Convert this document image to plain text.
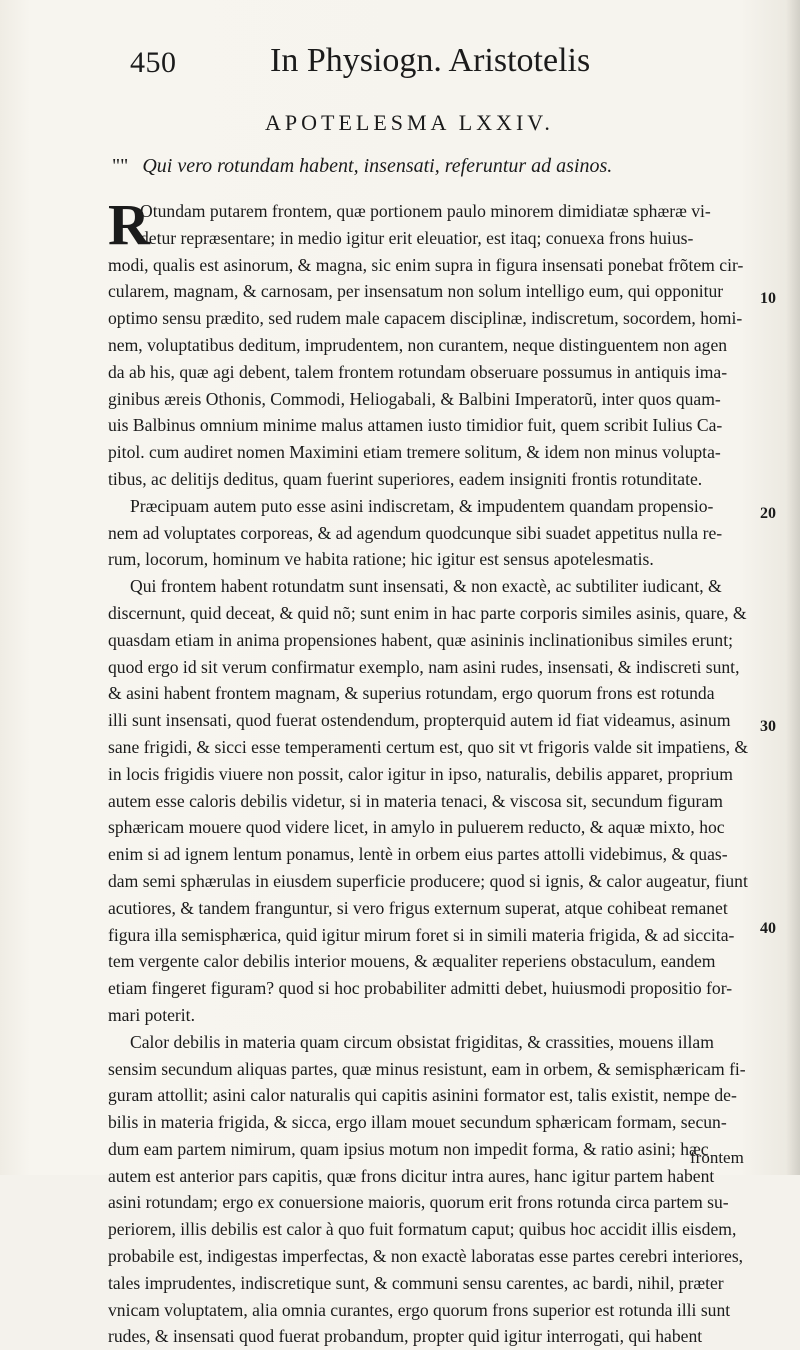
450	In Physiogn. Aristotelis
APOTELESMA LXXIV.
"" Qui vero rotundam habent, insensati, referuntur ad asinos.
R
Otundam putarem frontem, quæ portionem paulo minorem dimidiatæ sphæræ vi-
detur repræsentare; in medio igitur erit eleuatior, est itaq; conuexa frons huius-
modi, qualis est asinorum, & magna, sic enim supra in figura insensati ponebat frõtem cir-
cularem, magnam, & carnosam, per insensatum non solum intelligo eum, qui opponitur
optimo sensu prædito, sed rudem male capacem disciplinæ, indiscretum, socordem, homi-
nem, voluptatibus deditum, imprudentem, non curantem, neque distinguentem non agen
da ab his, quæ agi debent, talem frontem rotundam obseruare possumus in antiquis ima-
ginibus æreis Othonis, Commodi, Heliogabali, & Balbini Imperatorũ, inter quos quam-
uis Balbinus omnium minime malus attamen iusto timidior fuit, quem scribit Iulius Ca-
pitol. cum audiret nomen Maximini etiam tremere solitum, & idem non minus volupta-
tibus, ac delitijs deditus, quam fuerint superiores, eadem insigniti frontis rotunditate.
Præcipuam autem puto esse asini indiscretam, & impudentem quandam propensio-
nem ad voluptates corporeas, & ad agendum quodcunque sibi suadet appetitus nulla re-
rum, locorum, hominum ve habita ratione; hic igitur est sensus apotelesmatis.
Qui frontem habent rotundatm sunt insensati, & non exactè, ac subtiliter iudicant, &
discernunt, quid deceat, & quid nõ; sunt enim in hac parte corporis similes asinis, quare, &
quasdam etiam in anima propensiones habent, quæ asininis inclinationibus similes erunt;
quod ergo id sit verum confirmatur exemplo, nam asini rudes, insensati, & indiscreti sunt,
& asini habent frontem magnam, & superius rotundam, ergo quorum frons est rotunda
illi sunt insensati, quod fuerat ostendendum, propterquid autem id fiat videamus, asinum
sane frigidi, & sicci esse temperamenti certum est, quo sit vt frigoris valde sit impatiens, &
in locis frigidis viuere non possit, calor igitur in ipso, naturalis, debilis apparet, proprium
autem esse caloris debilis videtur, si in materia tenaci, & viscosa sit, secundum figuram
sphæricam mouere quod videre licet, in amylo in puluerem reducto, & aquæ mixto, hoc
enim si ad ignem lentum ponamus, lentè in orbem eius partes attolli videbimus, & quas-
dam semi sphærulas in eiusdem superficie producere; quod si ignis, & calor augeatur, fiunt
acutiores, & tandem franguntur, si vero frigus externum superat, atque cohibeat remanet
figura illa semisphærica, quid igitur mirum foret si in simili materia frigida, & ad siccita-
tem vergente calor debilis interior mouens, & æqualiter reperiens obstaculum, eandem
etiam fingeret figuram? quod si hoc probabiliter admitti debet, huiusmodi propositio for-
mari poterit.
Calor debilis in materia quam circum obsistat frigiditas, & crassities, mouens illam
sensim secundum aliquas partes, quæ minus resistunt, eam in orbem, & semisphæricam fi-
guram attollit; asini calor naturalis qui capitis asinini formator est, talis existit, nempe de-
bilis in materia frigida, & sicca, ergo illam mouet secundum sphæricam formam, secun-
dum eam partem nimirum, quam ipsius motum non impedit forma, & ratio asini; hæc
autem est anterior pars capitis, quæ frons dicitur intra aures, hanc igitur partem habent
asini rotundam; ergo ex conuersione maioris, quorum erit frons rotunda circa partem su-
periorem, illis debilis est calor à quo fuit formatum caput; quibus hoc accidit illis eisdem,
probabile est, indigestas imperfectas, & non exactè laboratas esse partes cerebri interiores,
tales imprudentes, indiscretique sunt, & communi sensu carentes, ac bardi, nihil, præter
vnicam voluptatem, alia omnia curantes, ergo quorum frons superior est rotunda illi sunt
rudes, & insensati quod fuerat probandum, propter quid igitur interrogati, qui habent
10
20
30
40
frontem
